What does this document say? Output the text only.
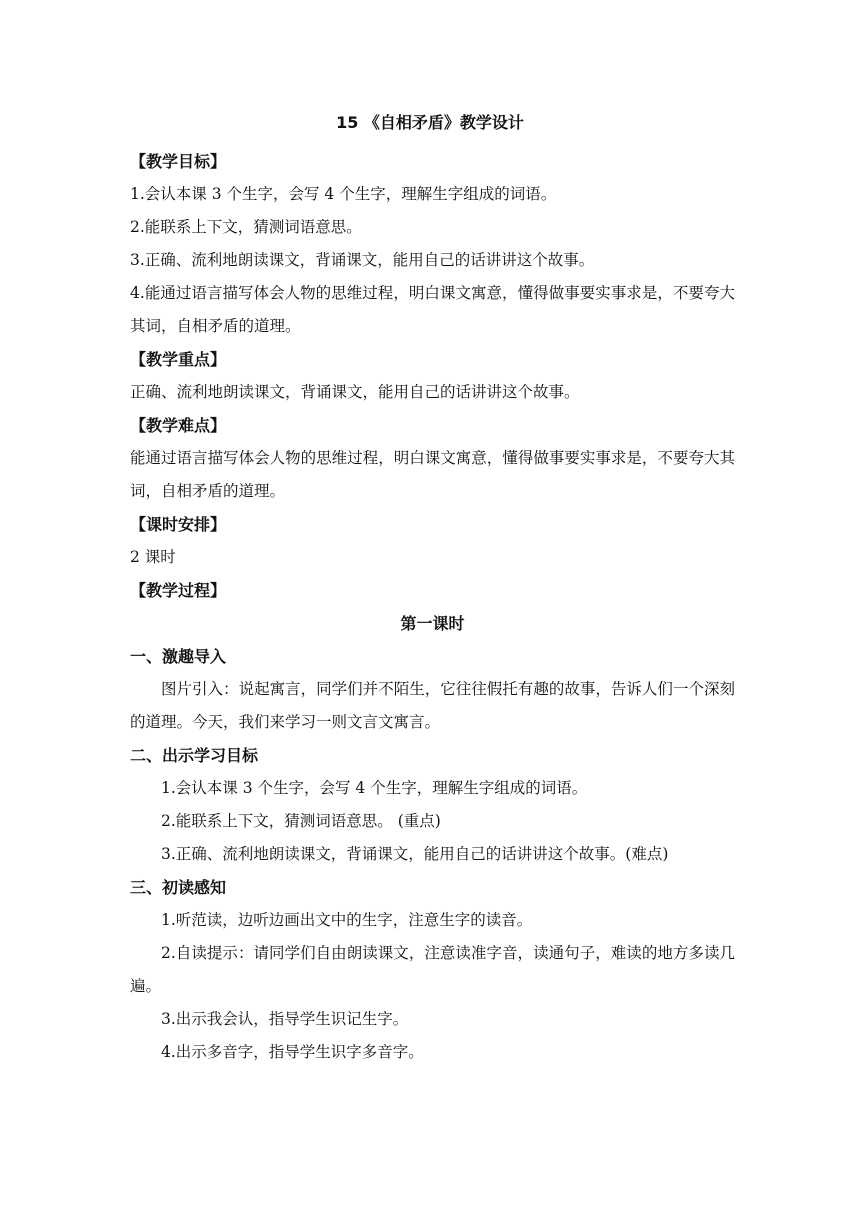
15 《自相矛盾》教学设计

【教学目标】

1.会认本课 3 个生字，会写 4 个生字，理解生字组成的词语。

2.能联系上下文，猜测词语意思。

3.正确、流利地朗读课文，背诵课文，能用自己的话讲讲这个故事。

4.能通过语言描写体会人物的思维过程，明白课文寓意，懂得做事要实事求是，不要夸大其词，自相矛盾的道理。

【教学重点】

正确、流利地朗读课文，背诵课文，能用自己的话讲讲这个故事。

【教学难点】

能通过语言描写体会人物的思维过程，明白课文寓意，懂得做事要实事求是，不要夸大其词，自相矛盾的道理。

【课时安排】

2 课时

【教学过程】

第一课时

一、激趣导入

图片引入：说起寓言，同学们并不陌生，它往往假托有趣的故事，告诉人们一个深刻的道理。今天，我们来学习一则文言文寓言。

二、出示学习目标

1.会认本课 3 个生字，会写 4 个生字，理解生字组成的词语。

2.能联系上下文，猜测词语意思。 (重点)

3.正确、流利地朗读课文，背诵课文，能用自己的话讲讲这个故事。(难点)

三、初读感知

1.听范读，边听边画出文中的生字，注意生字的读音。

2.自读提示：请同学们自由朗读课文，注意读准字音，读通句子，难读的地方多读几遍。

3.出示我会认，指导学生识记生字。

4.出示多音字，指导学生识字多音字。
